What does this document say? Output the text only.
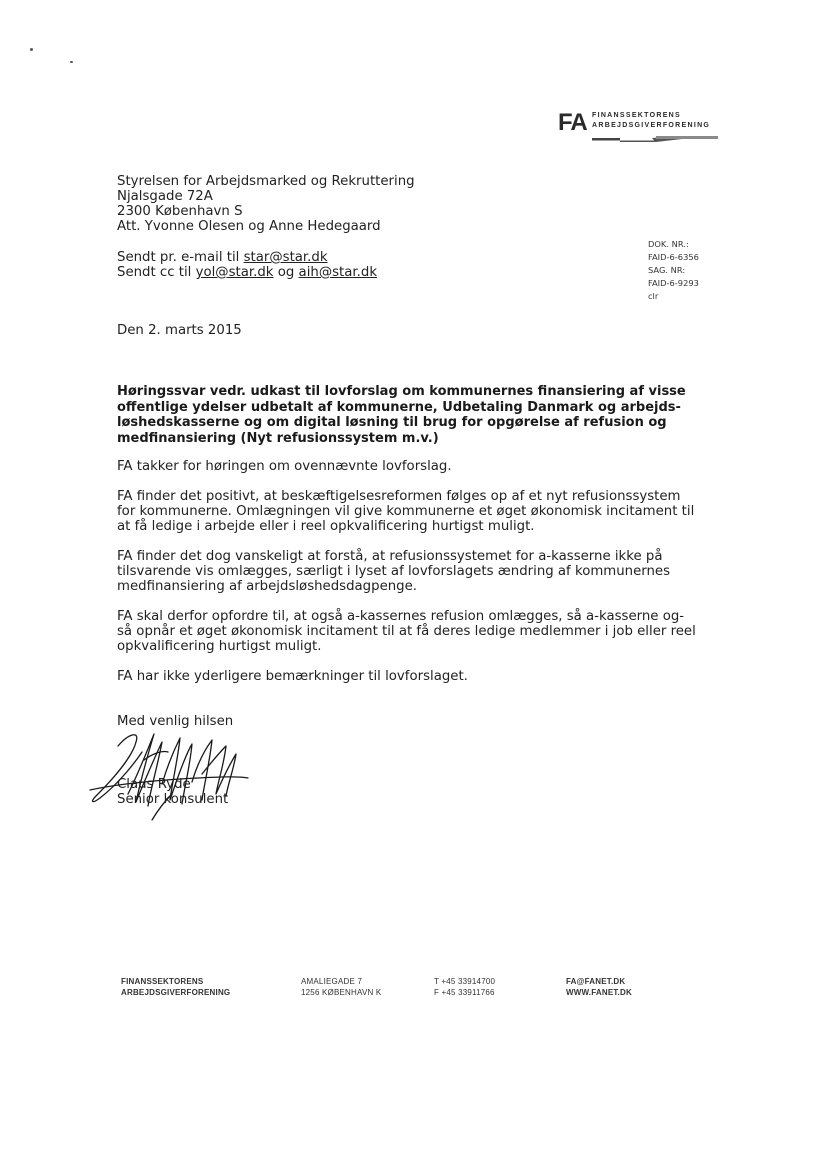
FA FINANSSEKTORENS
ARBEJDSGIVERFORENING
Styrelsen for Arbejdsmarked og Rekruttering
Njalsgade 72A
2300 København S
Att. Yvonne Olesen og Anne Hedegaard
Sendt pr. e-mail til star@star.dk
Sendt cc til yol@star.dk og aih@star.dk
DOK. NR.:
FAID-6-6356
SAG. NR:
FAID-6-9293
clr
Den 2. marts 2015
Høringssvar vedr. udkast til lovforslag om kommunernes finansiering af visse
offentlige ydelser udbetalt af kommunerne, Udbetaling Danmark og arbejds-
løshedskasserne og om digital løsning til brug for opgørelse af refusion og
medfinansiering (Nyt refusionssystem m.v.)
FA takker for høringen om ovennævnte lovforslag.
FA finder det positivt, at beskæftigelsesreformen følges op af et nyt refusionssystem
for kommunerne. Omlægningen vil give kommunerne et øget økonomisk incitament til
at få ledige i arbejde eller i reel opkvalificering hurtigst muligt.
FA finder det dog vanskeligt at forstå, at refusionssystemet for a-kasserne ikke på
tilsvarende vis omlægges, særligt i lyset af lovforslagets ændring af kommunernes
medfinansiering af arbejdsløshedsdagpenge.
FA skal derfor opfordre til, at også a-kassernes refusion omlægges, så a-kasserne og-
så opnår et øget økonomisk incitament til at få deres ledige medlemmer i job eller reel
opkvalificering hurtigst muligt.
FA har ikke yderligere bemærkninger til lovforslaget.
Med venlig hilsen
Claus Ryde
Senior konsulent
FINANSSEKTORENS
ARBEJDSGIVERFORENING
AMALIEGADE 7
1256 KØBENHAVN K
T +45 33914700
F +45 33911766
FA@FANET.DK
WWW.FANET.DK
